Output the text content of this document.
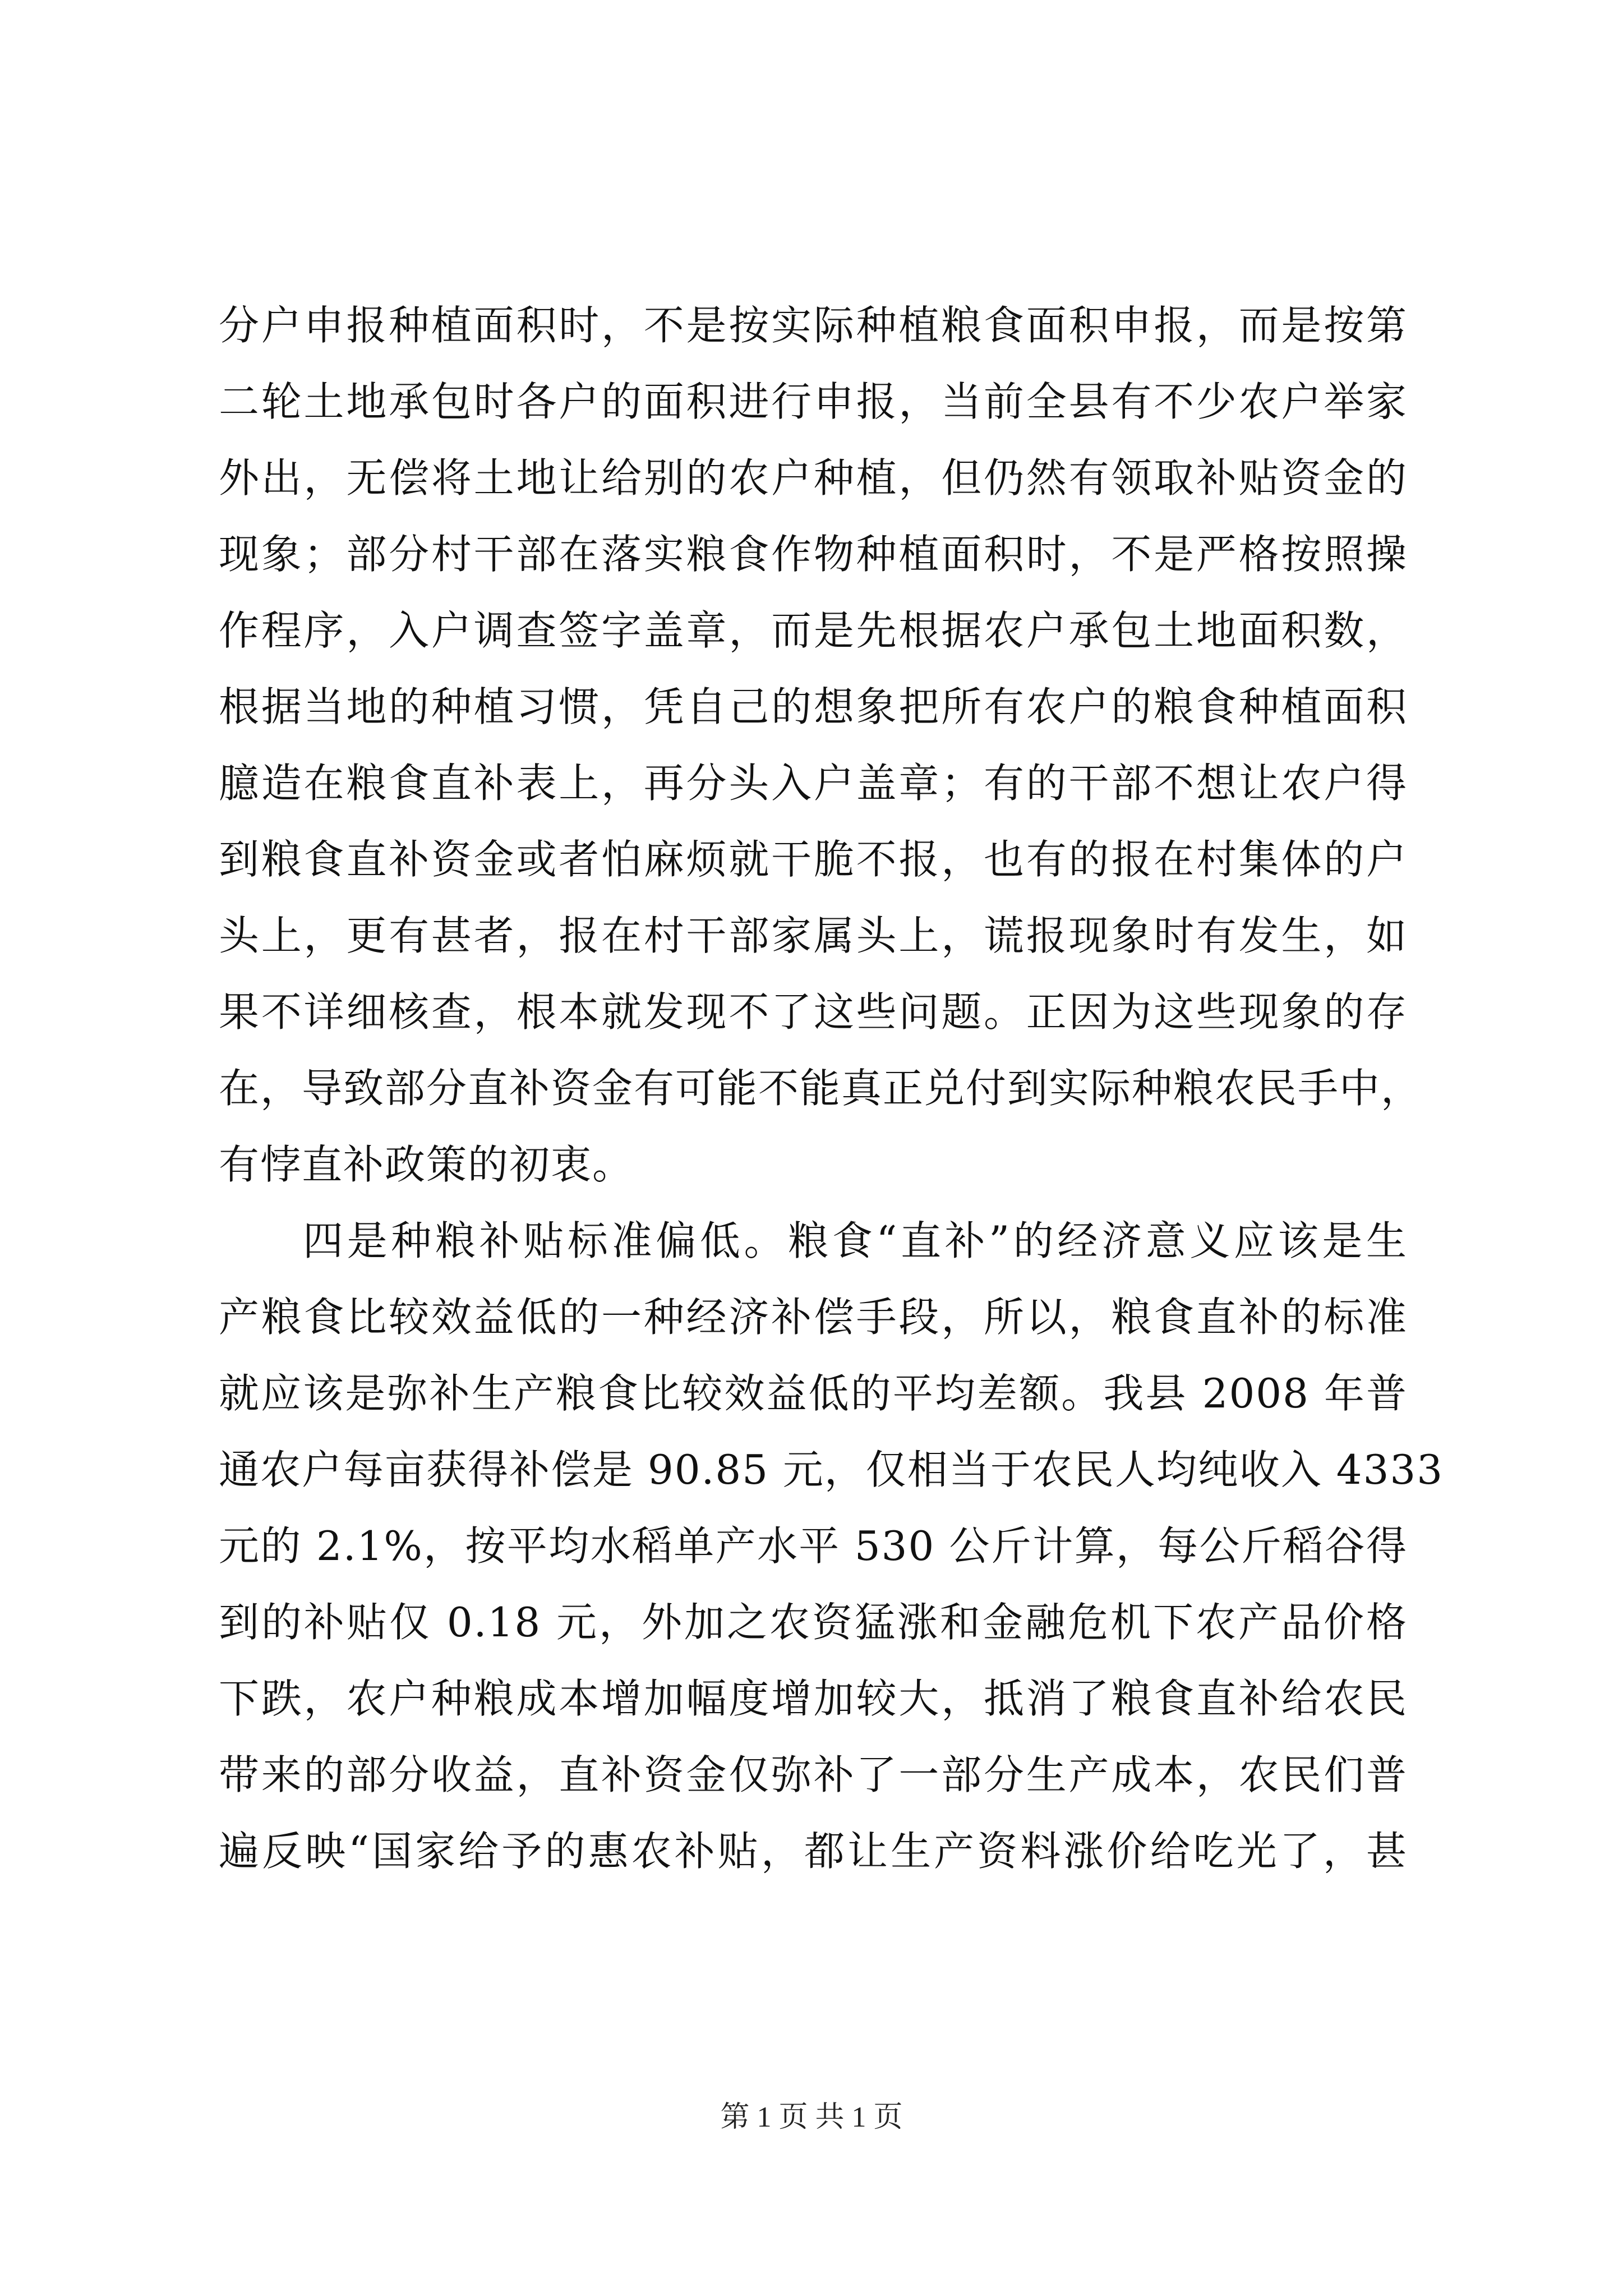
分户申报种植面积时，不是按实际种植粮食面积申报，而是按第
二轮土地承包时各户的面积进行申报，当前全县有不少农户举家
外出，无偿将土地让给别的农户种植，但仍然有领取补贴资金的
现象；部分村干部在落实粮食作物种植面积时，不是严格按照操
作程序，入户调查签字盖章，而是先根据农户承包土地面积数，
根据当地的种植习惯，凭自己的想象把所有农户的粮食种植面积
臆造在粮食直补表上，再分头入户盖章；有的干部不想让农户得
到粮食直补资金或者怕麻烦就干脆不报，也有的报在村集体的户
头上，更有甚者，报在村干部家属头上，谎报现象时有发生，如
果不详细核查，根本就发现不了这些问题。正因为这些现象的存
在，导致部分直补资金有可能不能真正兑付到实际种粮农民手中，
有悖直补政策的初衷。
四是种粮补贴标准偏低。粮食“直补”的经济意义应该是生
产粮食比较效益低的一种经济补偿手段，所以，粮食直补的标准
就应该是弥补生产粮食比较效益低的平均差额。我县 2008 年普
通农户每亩获得补偿是 90.85 元，仅相当于农民人均纯收入 4333
元的 2.1%，按平均水稻单产水平 530 公斤计算，每公斤稻谷得
到的补贴仅 0.18 元，外加之农资猛涨和金融危机下农产品价格
下跌，农户种粮成本增加幅度增加较大，抵消了粮食直补给农民
带来的部分收益，直补资金仅弥补了一部分生产成本，农民们普
遍反映“国家给予的惠农补贴，都让生产资料涨价给吃光了，甚
第 1 页 共 1 页
